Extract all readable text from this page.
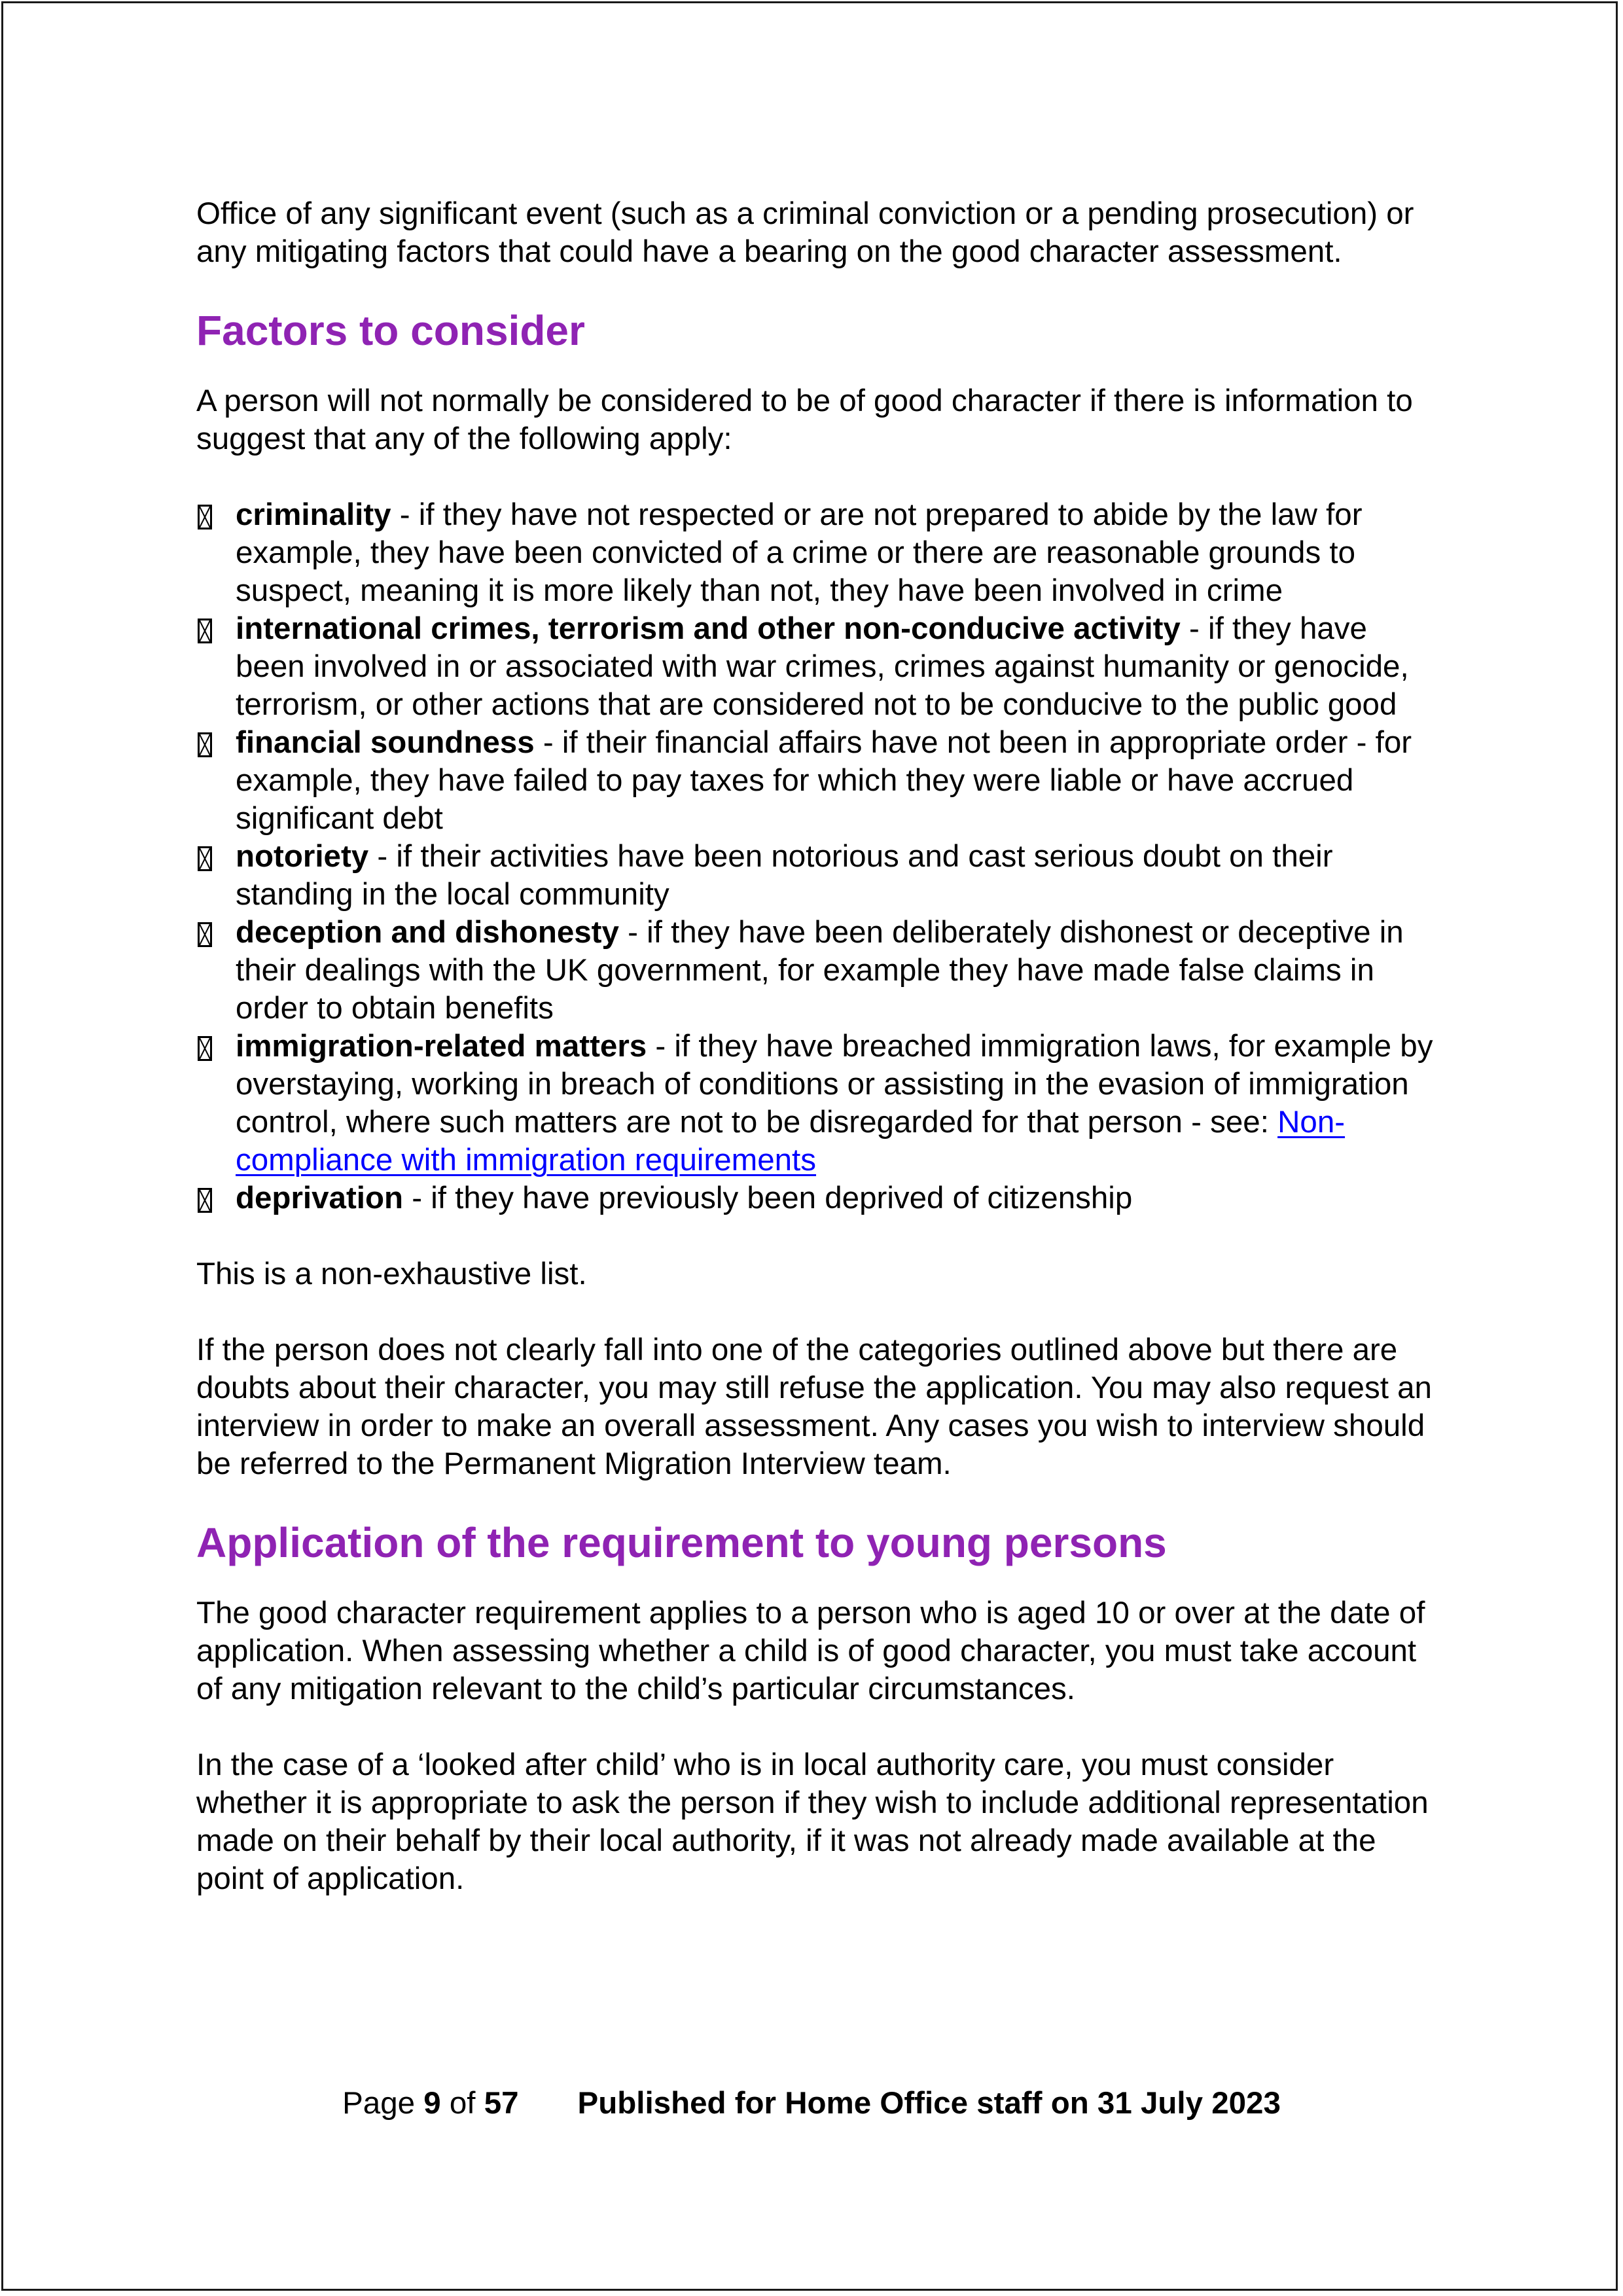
Office of any significant event (such as a criminal conviction or a pending prosecution) or any mitigating factors that could have a bearing on the good character assessment.

Factors to consider

A person will not normally be considered to be of good character if there is information to suggest that any of the following apply:

criminality - if they have not respected or are not prepared to abide by the law for example, they have been convicted of a crime or there are reasonable grounds to suspect, meaning it is more likely than not, they have been involved in crime
international crimes, terrorism and other non-conducive activity - if they have been involved in or associated with war crimes, crimes against humanity or genocide, terrorism, or other actions that are considered not to be conducive to the public good
financial soundness - if their financial affairs have not been in appropriate order - for example, they have failed to pay taxes for which they were liable or have accrued significant debt
notoriety - if their activities have been notorious and cast serious doubt on their standing in the local community
deception and dishonesty - if they have been deliberately dishonest or deceptive in their dealings with the UK government, for example they have made false claims in order to obtain benefits
immigration-related matters - if they have breached immigration laws, for example by overstaying, working in breach of conditions or assisting in the evasion of immigration control, where such matters are not to be disregarded for that person - see: Non-compliance with immigration requirements
deprivation - if they have previously been deprived of citizenship

This is a non-exhaustive list.

If the person does not clearly fall into one of the categories outlined above but there are doubts about their character, you may still refuse the application. You may also request an interview in order to make an overall assessment. Any cases you wish to interview should be referred to the Permanent Migration Interview team.

Application of the requirement to young persons

The good character requirement applies to a person who is aged 10 or over at the date of application. When assessing whether a child is of good character, you must take account of any mitigation relevant to the child’s particular circumstances.

In the case of a ‘looked after child’ who is in local authority care, you must consider whether it is appropriate to ask the person if they wish to include additional representation made on their behalf by their local authority, if it was not already made available at the point of application.

Page 9 of 57 Published for Home Office staff on 31 July 2023
